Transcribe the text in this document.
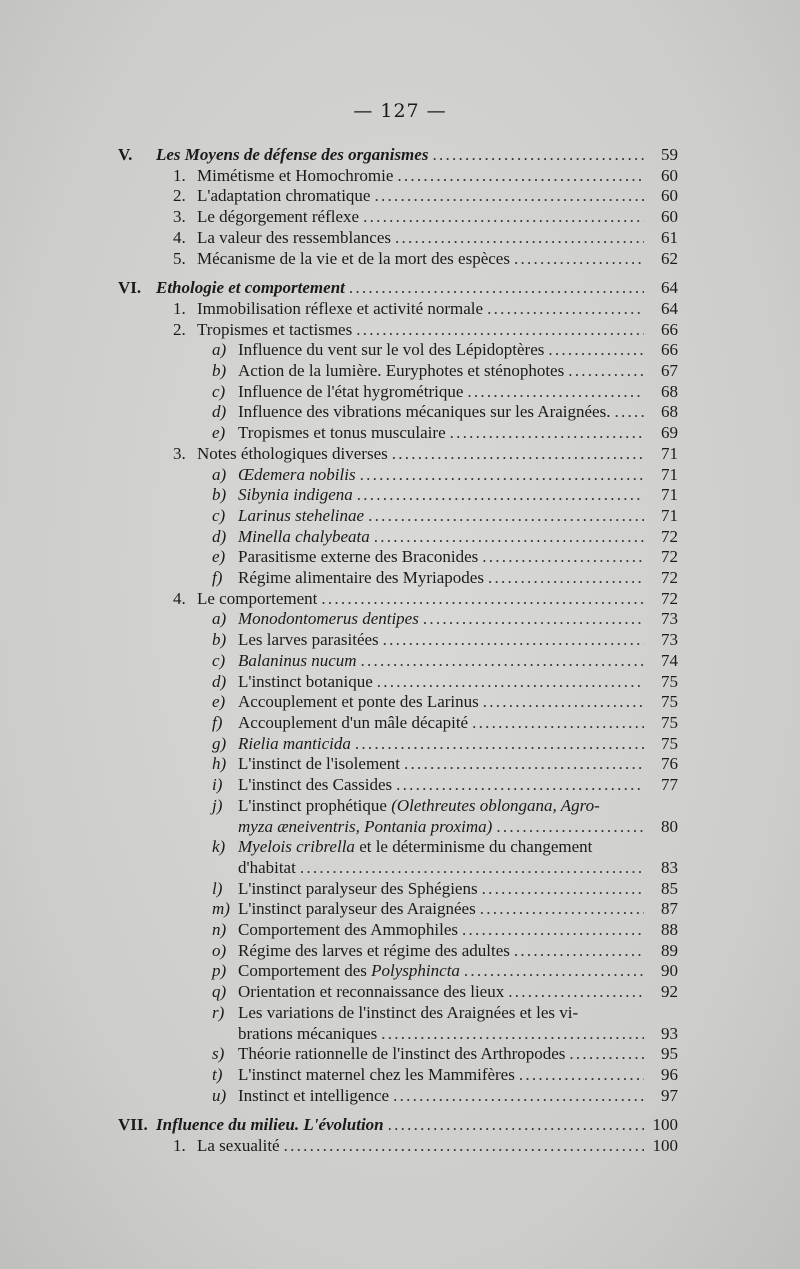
— 127 —
V.	Les Moyens de défense des organismes . . .	59
1. Mimétisme et Homochromie . . .	60
2. L'adaptation chromatique . . .	60
3. Le dégorgement réflexe . . .	60
4. La valeur des ressemblances . . .	61
5. Mécanisme de la vie et de la mort des espèces . . .	62
VI. Ethologie et comportement . . .	64
1. Immobilisation réflexe et activité normale . . .	64
2. Tropismes et tactismes . . .	66
a) Influence du vent sur le vol des Lépidoptères . . .	66
b) Action de la lumière. Euryphotes et sténophotes . . .	67
c) Influence de l'état hygrométrique . . .	68
d) Influence des vibrations mécaniques sur les Araignées. . . .	68
e) Tropismes et tonus musculaire . . .	69
3. Notes éthologiques diverses . . .	71
a) Œdemera nobilis . . .	71
b) Sibynia indigena . . .	71
c) Larinus stehelinae . . .	71
d) Minella chalybeata . . .	72
e) Parasitisme externe des Braconides . . .	72
f) Régime alimentaire des Myriapodes . . .	72
4. Le comportement . . .	72
a) Monodontomerus dentipes . . .	73
b) Les larves parasitées . . .	73
c) Balaninus nucum . . .	74
d) L'instinct botanique . . .	75
e) Accouplement et ponte des Larinus . . .	75
f) Accouplement d'un mâle décapité . . .	75
g) Rielia manticida . . .	75
h) L'instinct de l'isolement . . .	76
i) L'instinct des Cassides . . .	77
j) L'instinct prophétique (Olethreutes oblongana, Agro-
myza æneiventris, Pontania proxima) . . .	80
k) Myelois cribrella et le déterminisme du changement
d'habitat . . .	83
l) L'instinct paralyseur des Sphégiens . . .	85
m) L'instinct paralyseur des Araignées . . .	87
n) Comportement des Ammophiles . . .	88
o) Régime des larves et régime des adultes . . .	89
p) Comportement des Polysphincta . . .	90
q) Orientation et reconnaissance des lieux . . .	92
r) Les variations de l'instinct des Araignées et les vi-
brations mécaniques . . .	93
s) Théorie rationnelle de l'instinct des Arthropodes . . .	95
t) L'instinct maternel chez les Mammifères . . .	96
u) Instinct et intelligence . . .	97
VII. Influence du milieu. L'évolution . . .	100
1. La sexualité . . .	100
